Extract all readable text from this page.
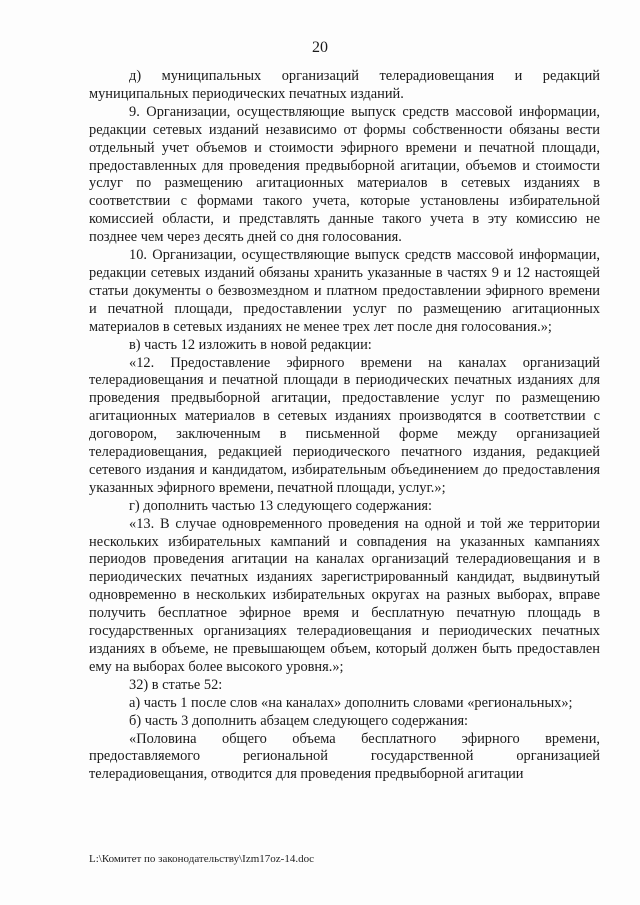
20

д) муниципальных организаций телерадиовещания и редакций муниципальных периодических печатных изданий.

9. Организации, осуществляющие выпуск средств массовой информации, редакции сетевых изданий независимо от формы собственности обязаны вести отдельный учет объемов и стоимости эфирного времени и печатной площади, предоставленных для проведения предвыборной агитации, объемов и стоимости услуг по размещению агитационных материалов в сетевых изданиях в соответствии с формами такого учета, которые установлены избирательной комиссией области, и представлять данные такого учета в эту комиссию не позднее чем через десять дней со дня голосования.

10. Организации, осуществляющие выпуск средств массовой информации, редакции сетевых изданий обязаны хранить указанные в частях 9 и 12 настоящей статьи документы о безвозмездном и платном предоставлении эфирного времени и печатной площади, предоставлении услуг по размещению агитационных материалов в сетевых изданиях не менее трех лет после дня голосования.»;

в) часть 12 изложить в новой редакции:

«12. Предоставление эфирного времени на каналах организаций телерадиовещания и печатной площади в периодических печатных изданиях для проведения предвыборной агитации, предоставление услуг по размещению агитационных материалов в сетевых изданиях производятся в соответствии с договором, заключенным в письменной форме между организацией телерадиовещания, редакцией периодического печатного издания, редакцией сетевого издания и кандидатом, избирательным объединением до предоставления указанных эфирного времени, печатной площади, услуг.»;

г) дополнить частью 13 следующего содержания:

«13. В случае одновременного проведения на одной и той же территории нескольких избирательных кампаний и совпадения на указанных кампаниях периодов проведения агитации на каналах организаций телерадиовещания и в периодических печатных изданиях зарегистрированный кандидат, выдвинутый одновременно в нескольких избирательных округах на разных выборах, вправе получить бесплатное эфирное время и бесплатную печатную площадь в государственных организациях телерадиовещания и периодических печатных изданиях в объеме, не превышающем объем, который должен быть предоставлен ему на выборах более высокого уровня.»;

32) в статье 52:

а) часть 1 после слов «на каналах» дополнить словами «региональных»;

б) часть 3 дополнить абзацем следующего содержания:

«Половина общего объема бесплатного эфирного времени, предоставляемого региональной государственной организацией телерадиовещания, отводится для проведения предвыборной агитации

L:\Комитет по законодательству\Izm17oz-14.doc
